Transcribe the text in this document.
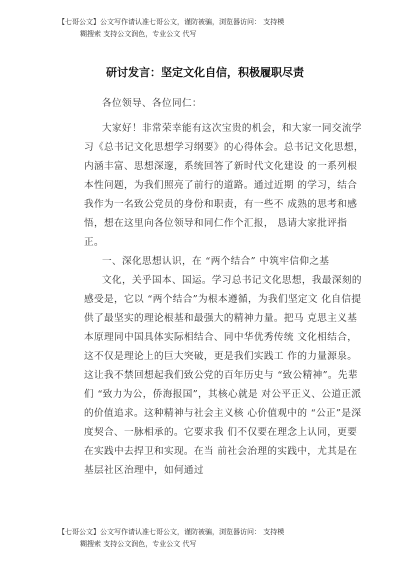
【七哥公文】公文写作请认准七哥公文，谨防被骗，浏览器访问： 支持模
糊搜索 支持公文润色，专业公文 代写
研讨发言：坚定文化自信，积极履职尽责

各位领导、各位同仁：

大家好！非常荣幸能有这次宝贵的机会，和大家一同交流学习《总书记文化思想学习纲要》的心得体会。总书记文化思想， 内涵丰富、思想深邃，系统回答了新时代文化建设 的一系列根本性问题，为我们照亮了前行的道路。通过近期 的学习，结合我作为一名致公党员的身份和职责，有一些不 成熟的思考和感悟，想在这里向各位领导和同仁作个汇报， 恳请大家批评指正。

一、深化思想认识，在 “两个结合” 中筑牢信仰之基

文化，关乎国本、国运。学习总书记文化思想，我最深刻的感受是，它以 “两个结合”为根本遵循，为我们坚定文 化自信提供了最坚实的理论根基和最强大的精神力量。把马 克思主义基本原理同中国具体实际相结合、同中华优秀传统 文化相结合，这不仅是理论上的巨大突破，更是我们实践工 作的力量源泉。这让我不禁回想起我们致公党的百年历史与 “致公精神”。先辈们 “致力为公，侨海报国”，其核心就是 对公平正义、公道正派的价值追求。这种精神与社会主义核 心价值观中的 “公正”是深度契合、一脉相承的。它要求我 们不仅要在理念上认同，更要在实践中去捍卫和实现。在当 前社会治理的实践中，尤其是在基层社区治理中，如何通过

【七哥公文】公文写作请认准七哥公文，谨防被骗，浏览器访问： 支持模
糊搜索 支持公文润色，专业公文 代写
